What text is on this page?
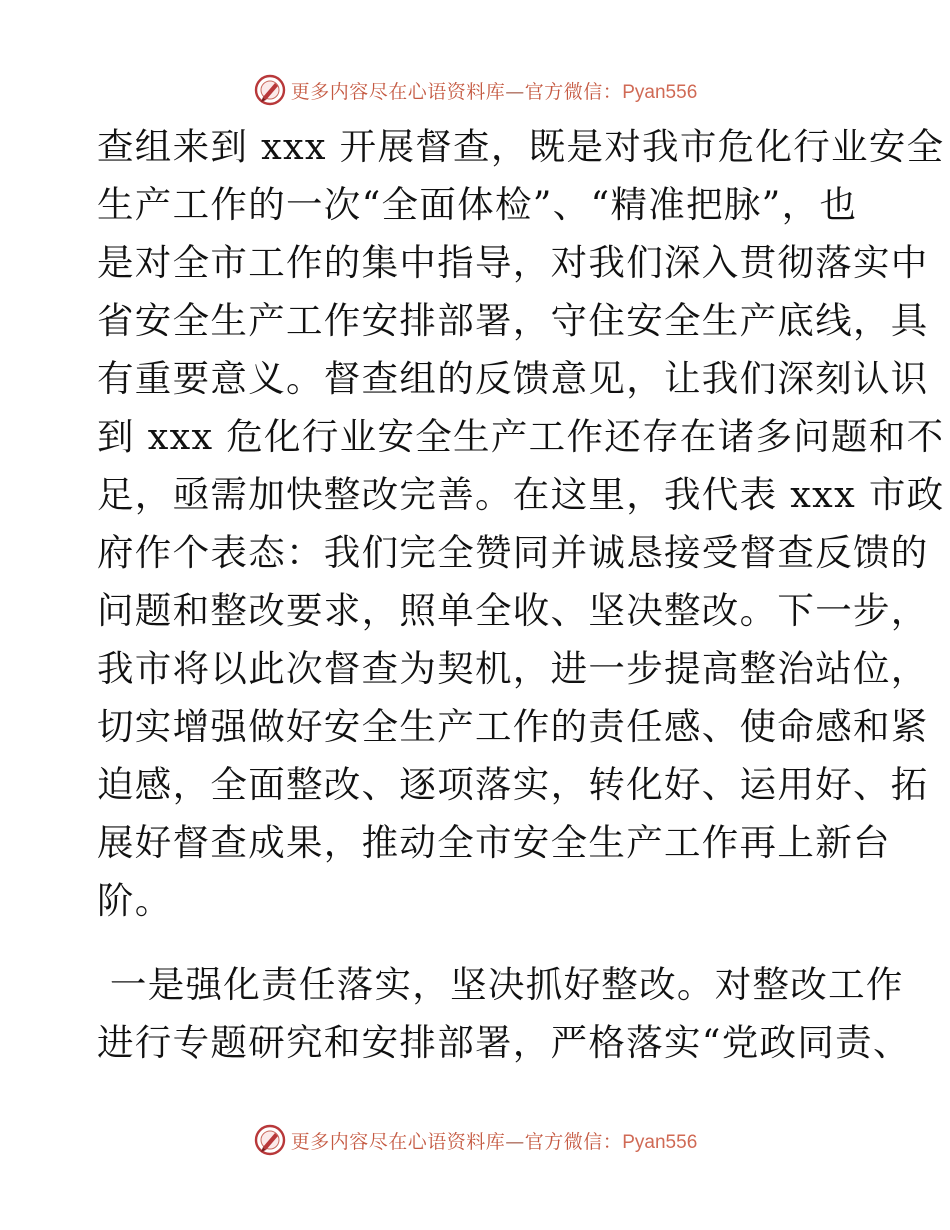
更多内容尽在心语资料库—官方微信：Pyan556
查组来到 xxx 开展督查，既是对我市危化行业安全
生产工作的一次“全面体检”、“精准把脉”，也
是对全市工作的集中指导，对我们深入贯彻落实中
省安全生产工作安排部署，守住安全生产底线，具
有重要意义。督查组的反馈意见，让我们深刻认识
到 xxx 危化行业安全生产工作还存在诸多问题和不
足，亟需加快整改完善。在这里，我代表 xxx 市政
府作个表态：我们完全赞同并诚恳接受督查反馈的
问题和整改要求，照单全收、坚决整改。下一步，
我市将以此次督查为契机，进一步提高整治站位，
切实增强做好安全生产工作的责任感、使命感和紧
迫感，全面整改、逐项落实，转化好、运用好、拓
展好督查成果，推动全市安全生产工作再上新台
阶。
一是强化责任落实，坚决抓好整改。对整改工作
进行专题研究和安排部署，严格落实“党政同责、
更多内容尽在心语资料库—官方微信：Pyan556
